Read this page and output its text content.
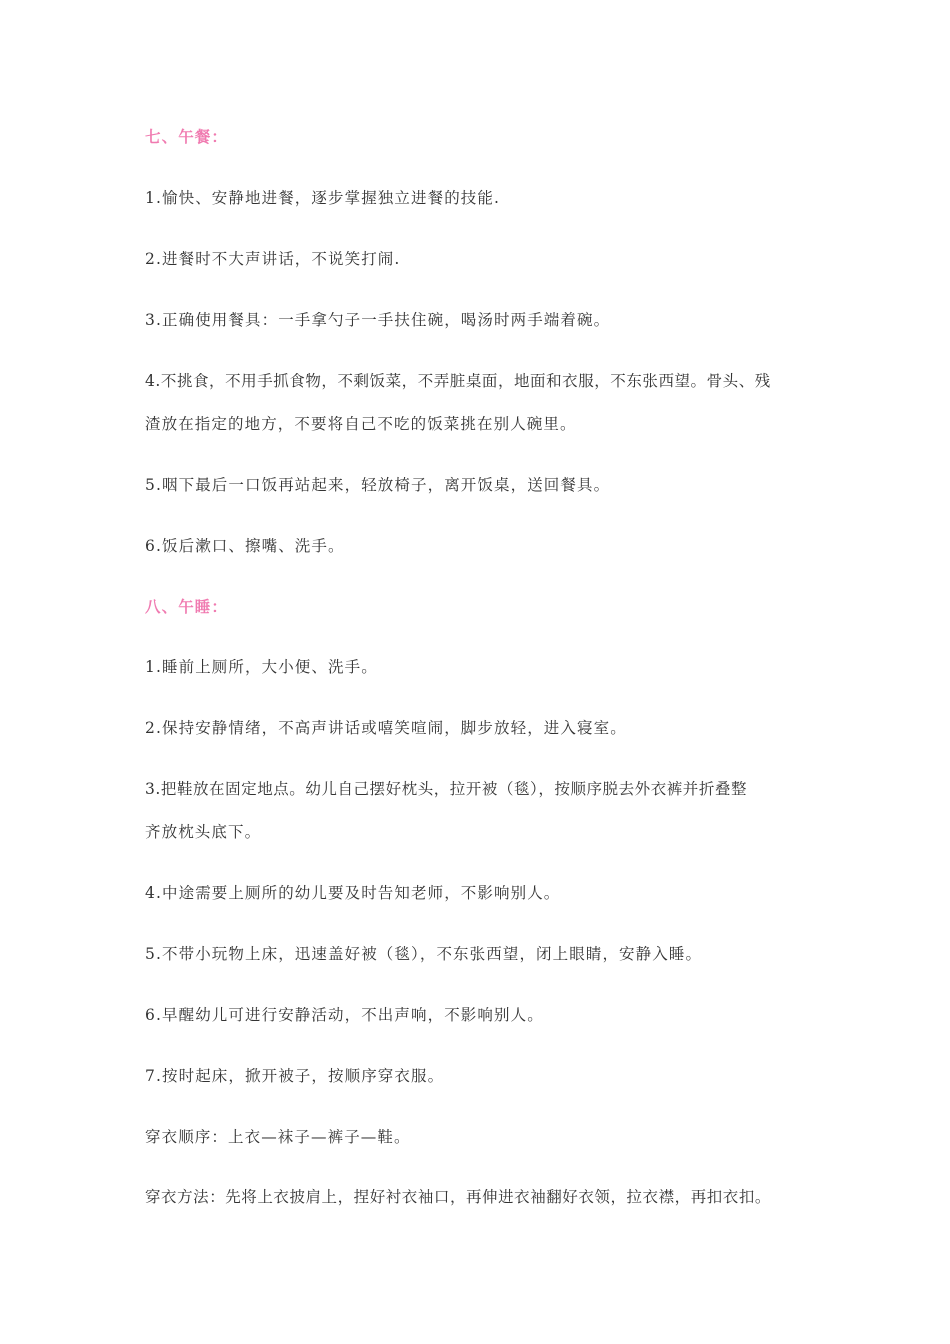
七、午餐：
1.愉快、安静地进餐，逐步掌握独立进餐的技能.
2.进餐时不大声讲话，不说笑打闹.
3.正确使用餐具：一手拿勺子一手扶住碗，喝汤时两手端着碗。
4.不挑食，不用手抓食物，不剩饭菜，不弄脏桌面，地面和衣服，不东张西望。骨头、残
渣放在指定的地方，不要将自己不吃的饭菜挑在别人碗里。
5.咽下最后一口饭再站起来，轻放椅子，离开饭桌，送回餐具。
6.饭后漱口、擦嘴、洗手。
八、午睡：
1.睡前上厕所，大小便、洗手。
2.保持安静情绪，不高声讲话或嘻笑喧闹，脚步放轻，进入寝室。
3.把鞋放在固定地点。幼儿自己摆好枕头，拉开被（毯），按顺序脱去外衣裤并折叠整
齐放枕头底下。
4.中途需要上厕所的幼儿要及时告知老师，不影响别人。
5.不带小玩物上床，迅速盖好被（毯），不东张西望，闭上眼睛，安静入睡。
6.早醒幼儿可进行安静活动，不出声响，不影响别人。
7.按时起床，掀开被子，按顺序穿衣服。
穿衣顺序：上衣—袜子—裤子—鞋。
穿衣方法：先将上衣披肩上，捏好衬衣袖口，再伸进衣袖翻好衣领，拉衣襟，再扣衣扣。
